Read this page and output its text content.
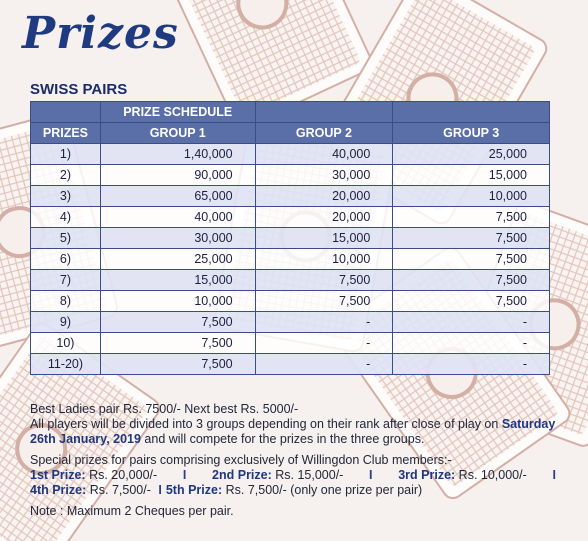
Prizes
SWISS PAIRS
	PRIZE SCHEDULE		
PRIZES	GROUP 1	GROUP 2	GROUP 3
1)	1,40,000	40,000	25,000
2)	90,000	30,000	15,000
3)	65,000	20,000	10,000
4)	40,000	20,000	7,500
5)	30,000	15,000	7,500
6)	25,000	10,000	7,500
7)	15,000	7,500	7,500
8)	10,000	7,500	7,500
9)	7,500	-	-
10)	7,500	-	-
11-20)	7,500	-	-

Best Ladies pair Rs. 7500/- Next best Rs. 5000/-

All players will be divided into 3 groups depending on their rank after close of play on Saturday 26th January, 2019 and will compete for the prizes in the three groups.

Special prizes for pairs comprising exclusively of Willingdon Club members:-

1st Prize: Rs. 20,000/-	I	2nd Prize: Rs. 15,000/-	I	3rd Prize: Rs. 10,000/-	I

4th Prize: Rs. 7,500/- I 5th Prize: Rs. 7,500/- (only one prize per pair)

Note : Maximum 2 Cheques per pair.
